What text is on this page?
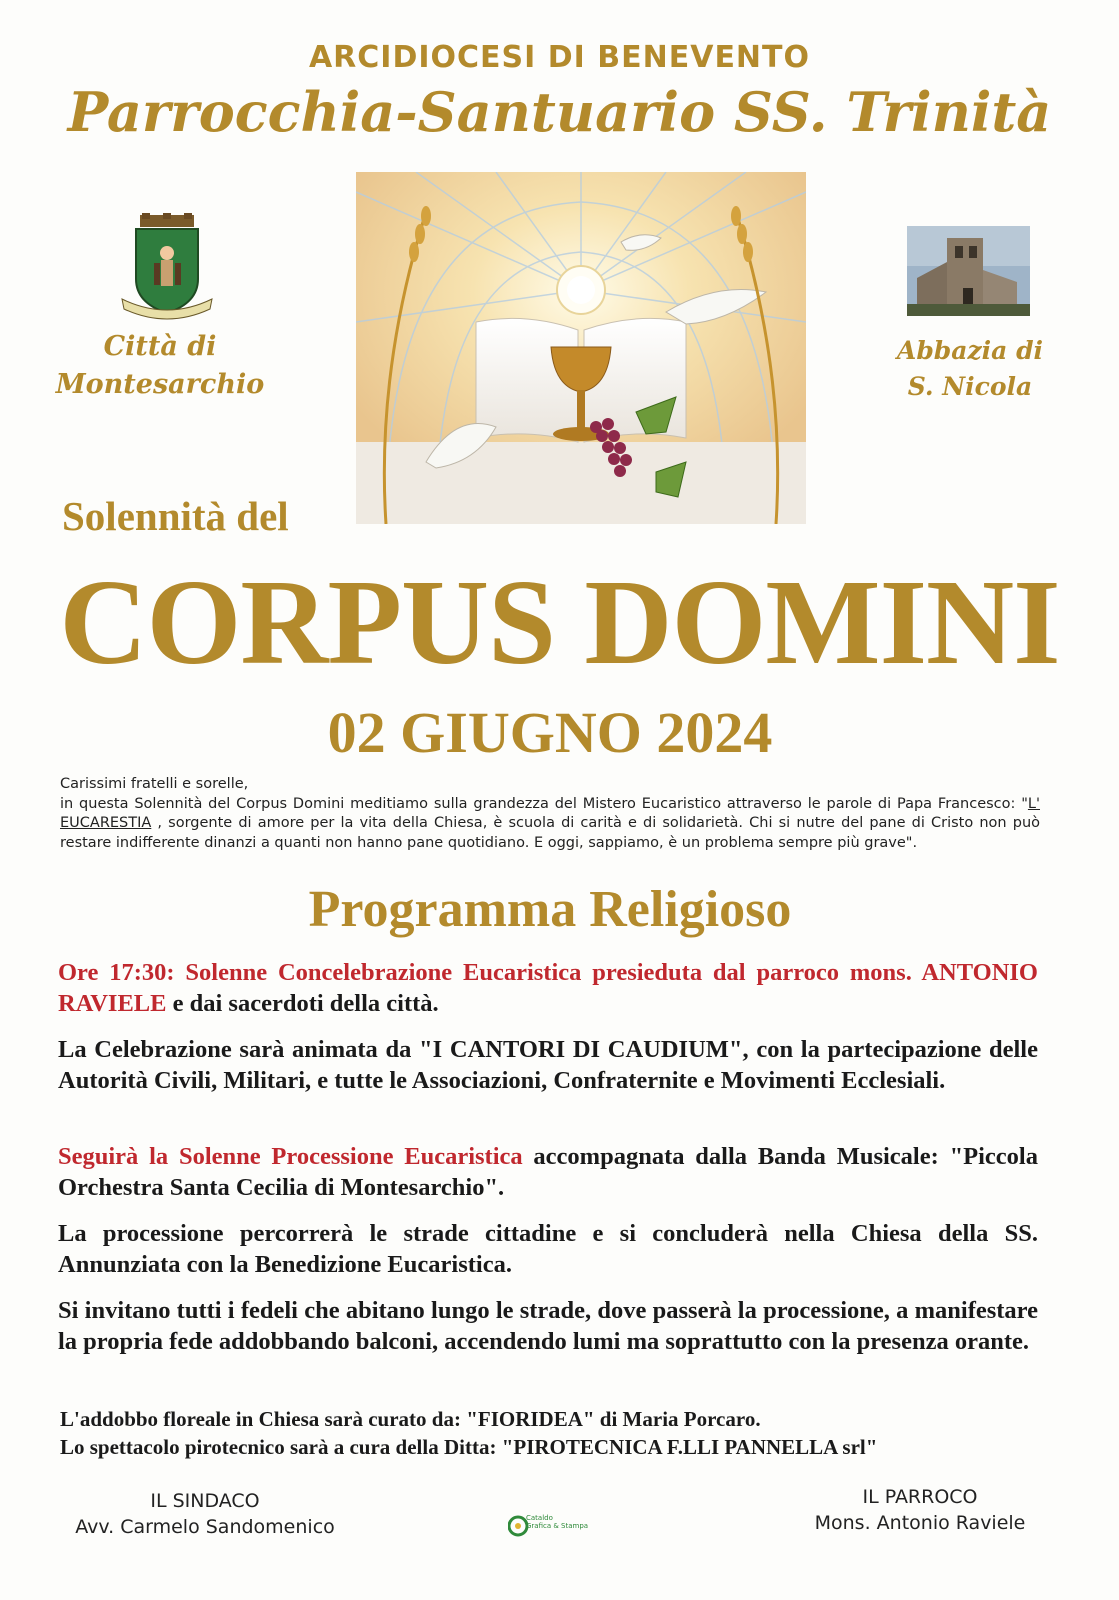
ARCIDIOCESI DI BENEVENTO
Parrocchia-Santuario SS. Trinità
Città di
Montesarchio
Abbazia di
S. Nicola
Solennità del
CORPUS DOMINI
02 GIUGNO 2024

Carissimi fratelli e sorelle,

in questa Solennità del Corpus Domini meditiamo sulla grandezza del Mistero Eucaristico attraverso le parole di Papa Francesco: "L' EUCARESTIA , sorgente di amore per la vita della Chiesa, è scuola di carità e di solidarietà. Chi si nutre del pane di Cristo non può restare indifferente dinanzi a quanti non hanno pane quotidiano. E oggi, sappiamo, è un problema sempre più grave".

Programma Religioso
Ore 17:30: Solenne Concelebrazione Eucaristica presieduta dal parroco mons. ANTONIO RAVIELE e dai sacerdoti della città.
La Celebrazione sarà animata da "I CANTORI DI CAUDIUM", con la partecipazione delle Autorità Civili, Militari, e tutte le Associazioni, Confraternite e Movimenti Ecclesiali.
Seguirà la Solenne Processione Eucaristica accompagnata dalla Banda Musicale: "Piccola Orchestra Santa Cecilia di Montesarchio".
La processione percorrerà le strade cittadine e si concluderà nella Chiesa della SS. Annunziata con la Benedizione Eucaristica.
Si invitano tutti i fedeli che abitano lungo le strade, dove passerà la processione, a manifestare la propria fede addobbando balconi, accendendo lumi ma soprattutto con la presenza orante.
L'addobbo floreale in Chiesa sarà curato da: "FIORIDEA" di Maria Porcaro.
Lo spettacolo pirotecnico sarà a cura della Ditta: "PIROTECNICA F.LLI PANNELLA srl"
IL SINDACO
Avv. Carmelo Sandomenico	Cataldo
Grafica & Stampa
IL PARROCO
Mons. Antonio Raviele
